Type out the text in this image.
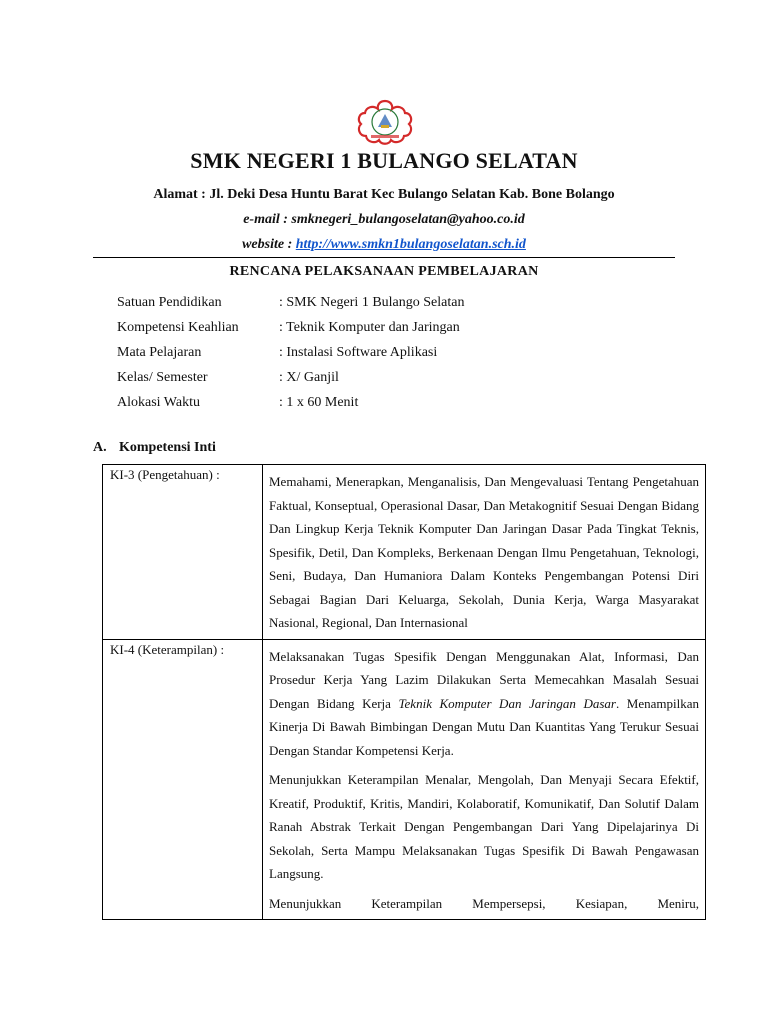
SMK NEGERI 1 BULANGO SELATAN
Alamat : Jl. Deki Desa Huntu Barat Kec Bulango Selatan Kab. Bone Bolango
e-mail : smknegeri_bulangoselatan@yahoo.co.id
website : http://www.smkn1bulangoselatan.sch.id
RENCANA PELAKSANAAN PEMBELAJARAN
Satuan Pendidikan	: SMK Negeri 1 Bulango Selatan
Kompetensi Keahlian	: Teknik Komputer dan Jaringan
Mata Pelajaran	: Instalasi Software Aplikasi
Kelas/ Semester	: X/ Ganjil
Alokasi Waktu	: 1 x 60 Menit
A. Kompetensi Inti
KI-3 (Pengetahuan) :	Memahami, Menerapkan, Menganalisis, Dan Mengevaluasi Tentang Pengetahuan Faktual, Konseptual, Operasional Dasar, Dan Metakognitif Sesuai Dengan Bidang Dan Lingkup Kerja Teknik Komputer Dan Jaringan Dasar Pada Tingkat Teknis, Spesifik, Detil, Dan Kompleks, Berkenaan Dengan Ilmu Pengetahuan, Teknologi, Seni, Budaya, Dan Humaniora Dalam Konteks Pengembangan Potensi Diri Sebagai Bagian Dari Keluarga, Sekolah, Dunia Kerja, Warga Masyarakat Nasional, Regional, Dan Internasional

KI-4 (Keterampilan) :	Melaksanakan Tugas Spesifik Dengan Menggunakan Alat, Informasi, Dan Prosedur Kerja Yang Lazim Dilakukan Serta Memecahkan Masalah Sesuai Dengan Bidang Kerja Teknik Komputer Dan Jaringan Dasar. Menampilkan Kinerja Di Bawah Bimbingan Dengan Mutu Dan Kuantitas Yang Terukur Sesuai Dengan Standar Kompetensi Kerja.

Menunjukkan Keterampilan Menalar, Mengolah, Dan Menyaji Secara Efektif, Kreatif, Produktif, Kritis, Mandiri, Kolaboratif, Komunikatif, Dan Solutif Dalam Ranah Abstrak Terkait Dengan Pengembangan Dari Yang Dipelajarinya Di Sekolah, Serta Mampu Melaksanakan Tugas Spesifik Di Bawah Pengawasan Langsung.

Menunjukkan Keterampilan Mempersepsi, Kesiapan, Meniru,
